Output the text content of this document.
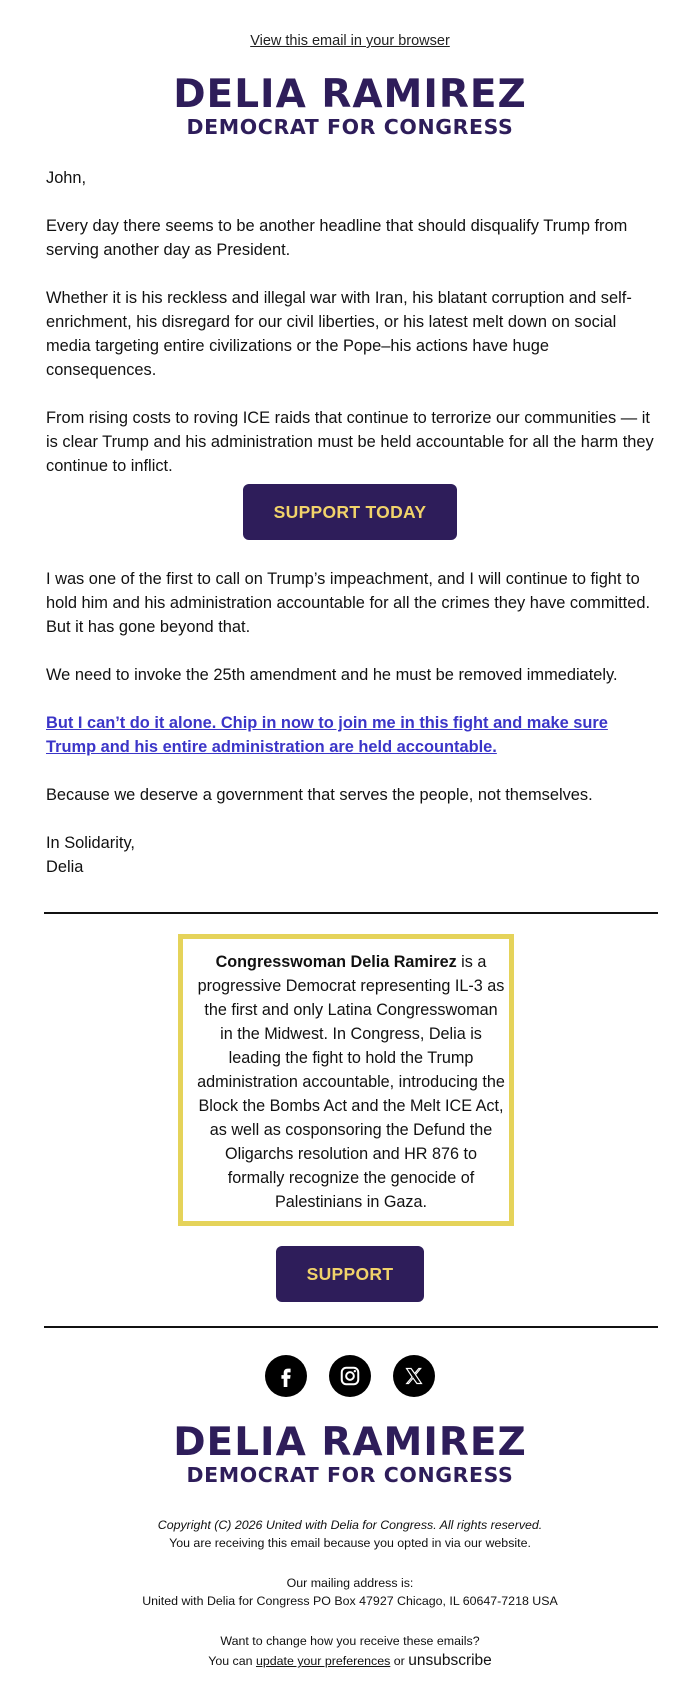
View this email in your browser
DELIA RAMIREZ
DEMOCRAT FOR CONGRESS

John,

Every day there seems to be another headline that should disqualify Trump from serving another day as President.

Whether it is his reckless and illegal war with Iran, his blatant corruption and self-enrichment, his disregard for our civil liberties, or his latest melt down on social media targeting entire civilizations or the Pope–his actions have huge consequences.

From rising costs to roving ICE raids that continue to terrorize our communities — it is clear Trump and his administration must be held accountable for all the harm they continue to inflict.

SUPPORT TODAY

I was one of the first to call on Trump’s impeachment, and I will continue to fight to hold him and his administration accountable for all the crimes they have committed. But it has gone beyond that.

We need to invoke the 25th amendment and he must be removed immediately.

But I can’t do it alone. Chip in now to join me in this fight and make sure Trump and his entire administration are held accountable.

Because we deserve a government that serves the people, not themselves.

In Solidarity,

Delia

Congresswoman Delia Ramirez is a progressive Democrat representing IL-3 as the first and only Latina Congresswoman in the Midwest. In Congress, Delia is leading the fight to hold the Trump administration accountable, introducing the Block the Bombs Act and the Melt ICE Act, as well as cosponsoring the Defund the Oligarchs resolution and HR 876 to formally recognize the genocide of Palestinians in Gaza.
SUPPORT
DELIA RAMIREZ
DEMOCRAT FOR CONGRESS
Copyright (C) 2026 United with Delia for Congress. All rights reserved.
You are receiving this email because you opted in via our website.
Our mailing address is:
United with Delia for Congress PO Box 47927 Chicago, IL 60647-7218 USA
Want to change how you receive these emails?
You can update your preferences or unsubscribe
